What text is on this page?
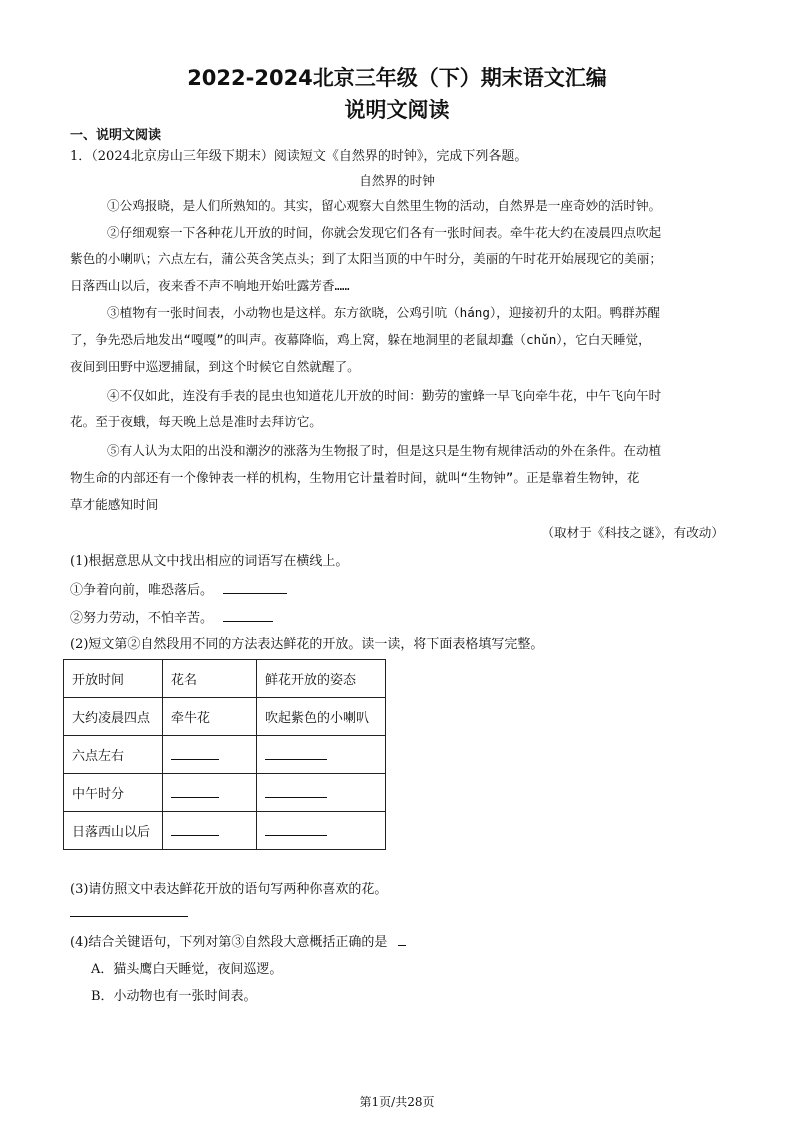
2022-2024北京三年级（下）期末语文汇编
说明文阅读
一、说明文阅读
1．（2024北京房山三年级下期末）阅读短文《自然界的时钟》，完成下列各题。
自然界的时钟
①公鸡报晓，是人们所熟知的。其实，留心观察大自然里生物的活动，自然界是一座奇妙的活时钟。
②仔细观察一下各种花儿开放的时间，你就会发现它们各有一张时间表。牵牛花大约在凌晨四点吹起
紫色的小喇叭；六点左右，蒲公英含笑点头；到了太阳当顶的中午时分，美丽的午时花开始展现它的美丽；
日落西山以后，夜来香不声不响地开始吐露芳香……
③植物有一张时间表，小动物也是这样。东方欲晓，公鸡引吭（háng），迎接初升的太阳。鸭群苏醒
了，争先恐后地发出“嘎嘎”的叫声。夜幕降临，鸡上窝，躲在地洞里的老鼠却蠢（chǔn），它白天睡觉，
夜间到田野中巡逻捕鼠，到这个时候它自然就醒了。
④不仅如此，连没有手表的昆虫也知道花儿开放的时间：勤劳的蜜蜂一早飞向牵牛花，中午飞向午时
花。至于夜蛾，每天晚上总是准时去拜访它。
⑤有人认为太阳的出没和潮汐的涨落为生物报了时，但是这只是生物有规律活动的外在条件。在动植
物生命的内部还有一个像钟表一样的机构，生物用它计量着时间，就叫“生物钟”。正是靠着生物钟，花
草才能感知时间
（取材于《科技之谜》，有改动）
(1)根据意思从文中找出相应的词语写在横线上。
①争着向前，唯恐落后。
②努力劳动，不怕辛苦。
(2)短文第②自然段用不同的方法表达鲜花的开放。读一读，将下面表格填写完整。
开放时间	花名	鲜花开放的姿态
大约凌晨四点	牵牛花	吹起紫色的小喇叭
六点左右		
中午时分		
日落西山以后		
(3)请仿照文中表达鲜花开放的语句写两种你喜欢的花。
(4)结合关键语句，下列对第③自然段大意概括正确的是
A．猫头鹰白天睡觉，夜间巡逻。
B．小动物也有一张时间表。
第1页/共28页
